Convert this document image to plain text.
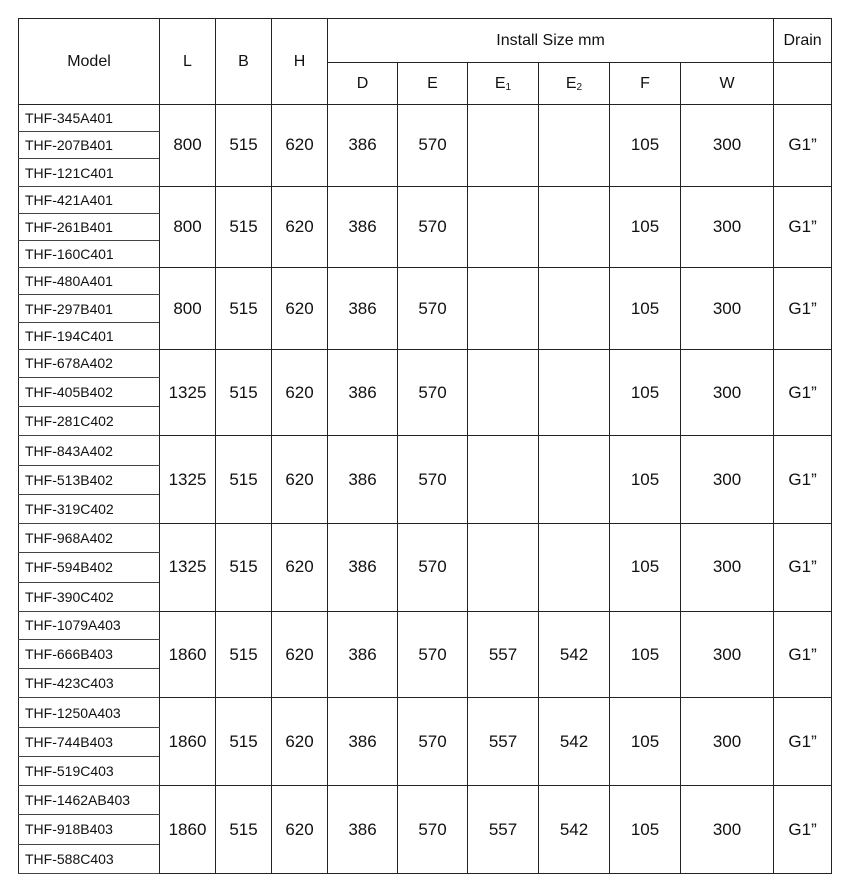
Model	L	B	H	Install Size mm						Drain
				D	E	$E_1$	$E_2$	F	W	
THF-345A401	800	515	620	386	570			105	300	G1”
THF-207B401										
THF-121C401										
THF-421A401	800	515	620	386	570			105	300	G1”
THF-261B401										
THF-160C401										
THF-480A401	800	515	620	386	570			105	300	G1”
THF-297B401										
THF-194C401										
THF-678A402	1325	515	620	386	570			105	300	G1”
THF-405B402										
THF-281C402										
THF-843A402	1325	515	620	386	570			105	300	G1”
THF-513B402										
THF-319C402										
THF-968A402	1325	515	620	386	570			105	300	G1”
THF-594B402										
THF-390C402										
THF-1079A403	1860	515	620	386	570	557	542	105	300	G1”
THF-666B403										
THF-423C403										
THF-1250A403	1860	515	620	386	570	557	542	105	300	G1”
THF-744B403										
THF-519C403										
THF-1462AB403	1860	515	620	386	570	557	542	105	300	G1”
THF-918B403										
THF-588C403										
